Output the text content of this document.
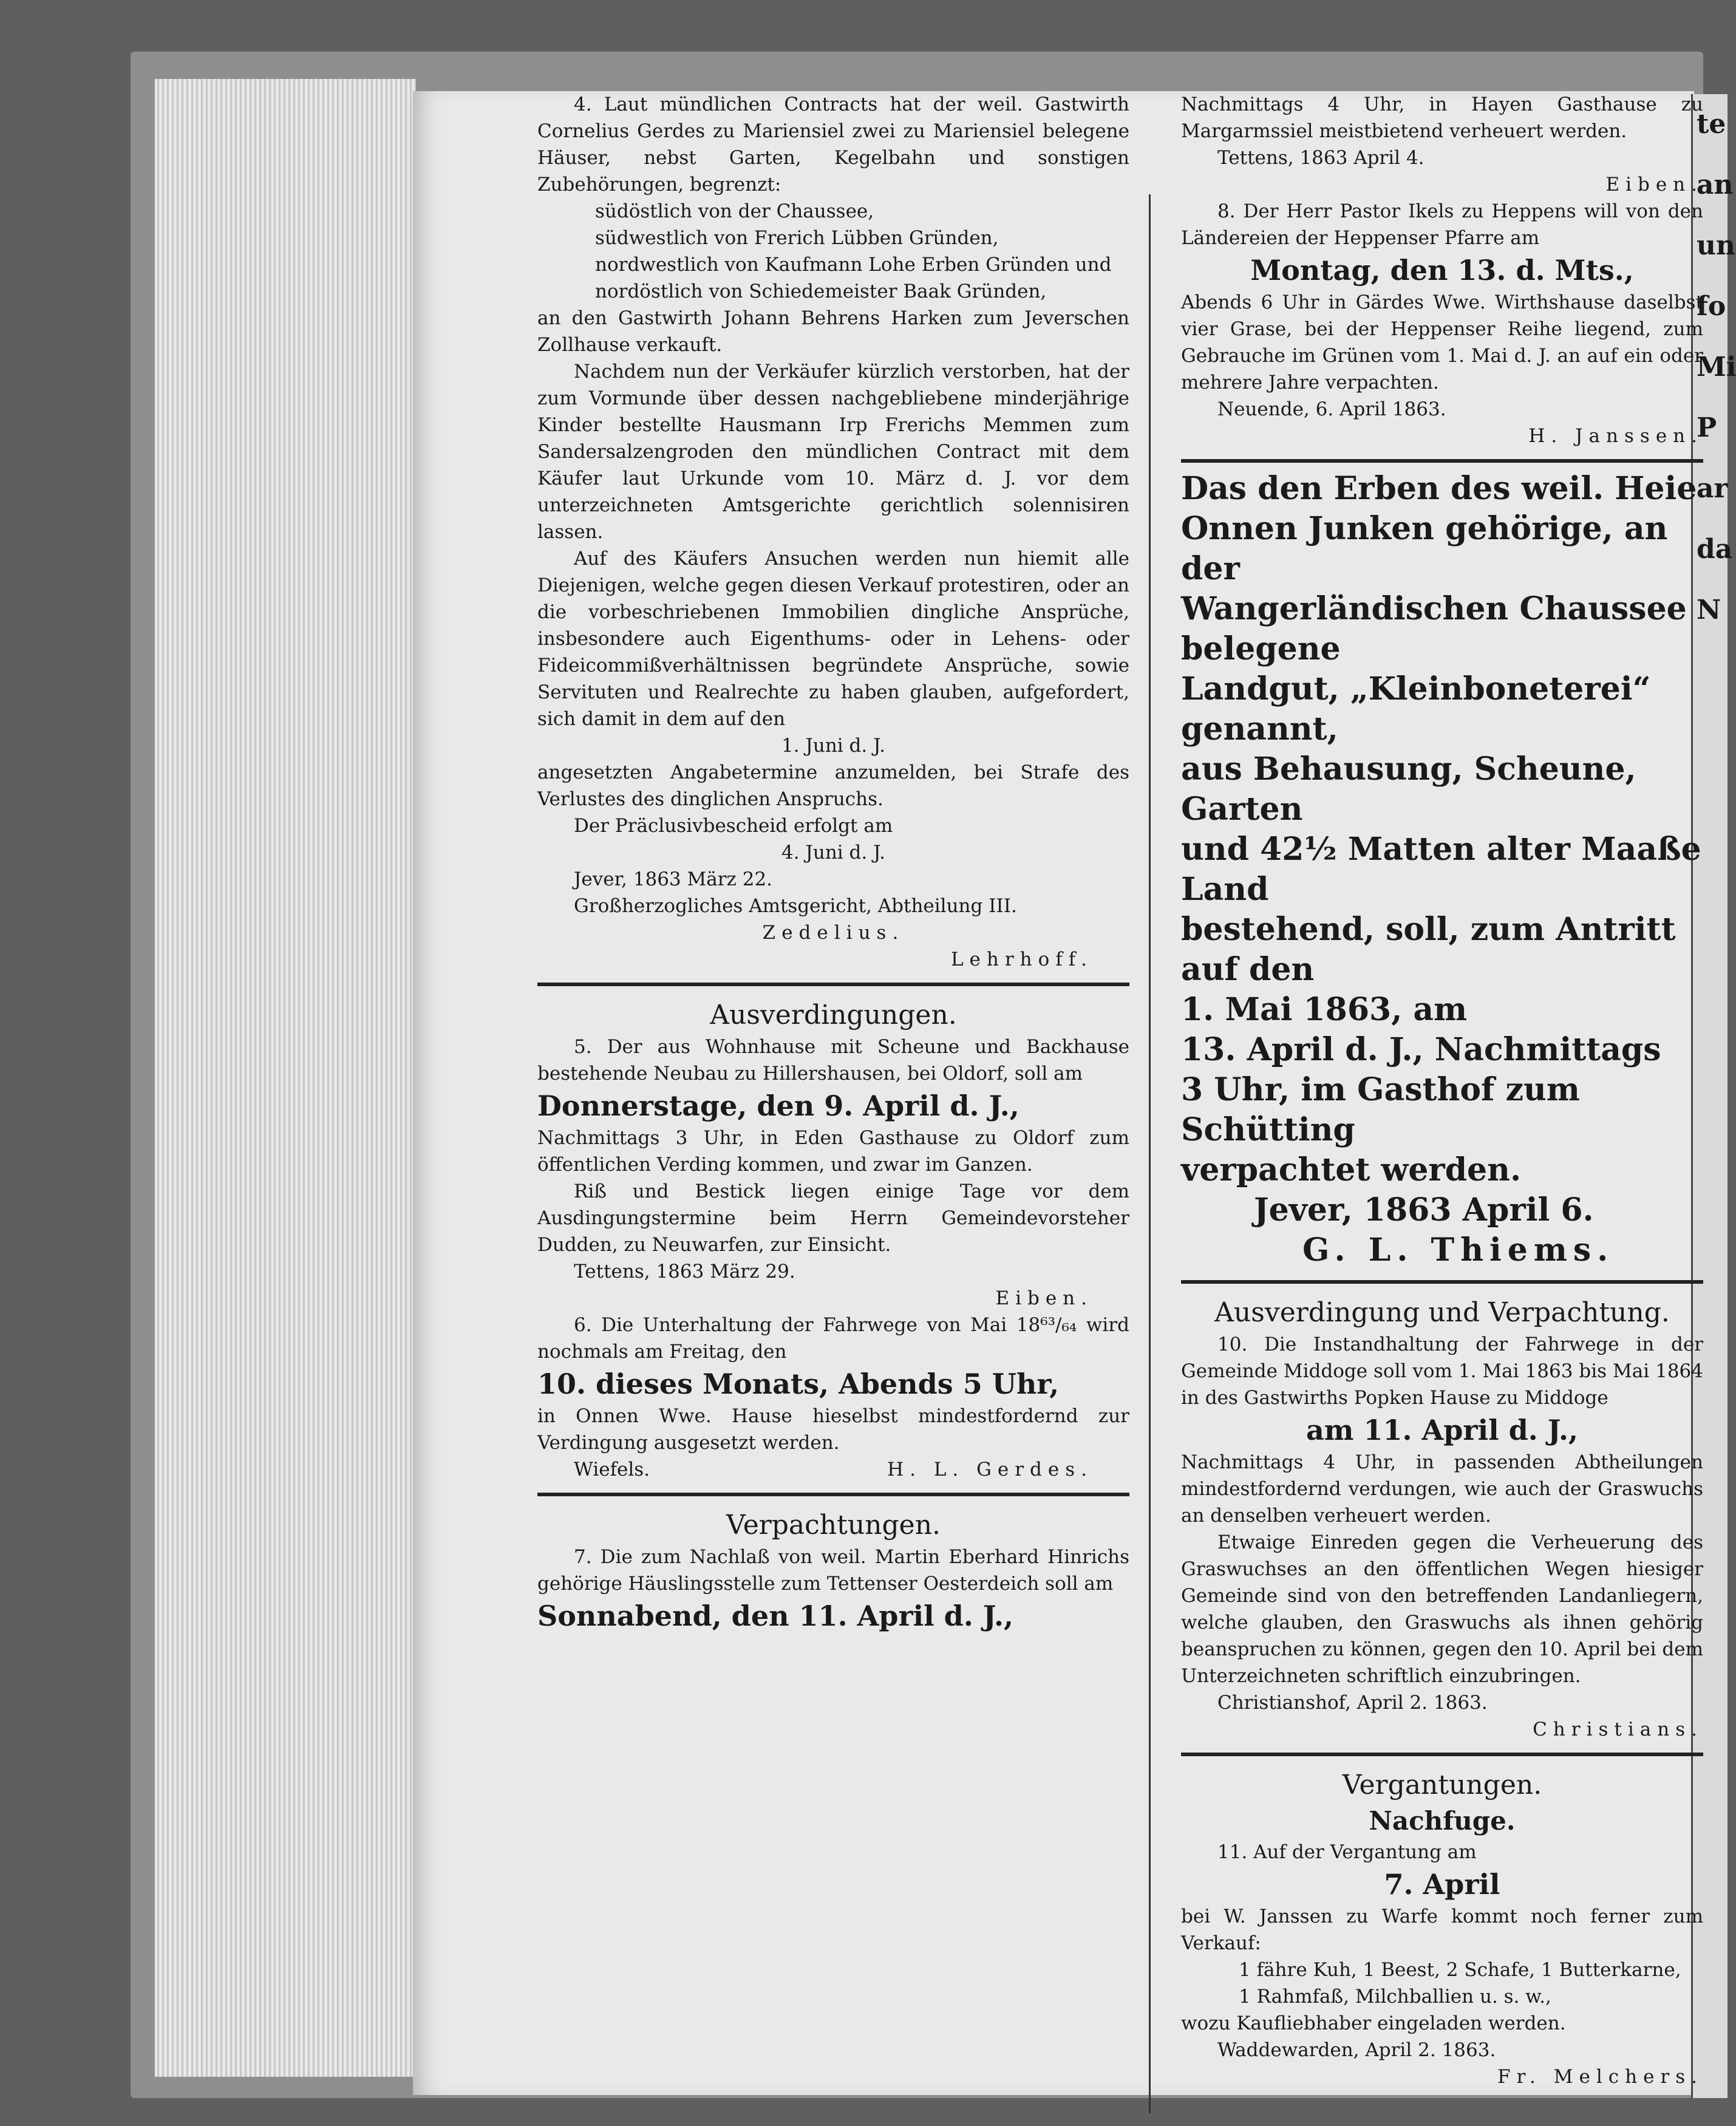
te
an
un
fo
Mi
P
ar
da
N

4. Laut mündlichen Contracts hat der weil. Gastwirth Cornelius Gerdes zu Mariensiel zwei zu Mariensiel belegene Häuser, nebst Garten, Kegelbahn und sonstigen Zubehörungen, begrenzt:

südöstlich von der Chaussee,

südwestlich von Frerich Lübben Gründen,

nordwestlich von Kaufmann Lohe Erben Gründen und

nordöstlich von Schiedemeister Baak Gründen,

an den Gastwirth Johann Behrens Harken zum Jeverschen Zollhause verkauft.

Nachdem nun der Verkäufer kürzlich verstorben, hat der zum Vormunde über dessen nachgebliebene minderjährige Kinder bestellte Hausmann Irp Frerichs Memmen zum Sandersalzengroden den mündlichen Contract mit dem Käufer laut Urkunde vom 10. März d. J. vor dem unterzeichneten Amtsgerichte gerichtlich solennisiren lassen.

Auf des Käufers Ansuchen werden nun hiemit alle Diejenigen, welche gegen diesen Verkauf protestiren, oder an die vorbeschriebenen Immobilien dingliche Ansprüche, insbesondere auch Eigenthums- oder in Lehens- oder Fideicommißverhältnissen begründete Ansprüche, sowie Servituten und Realrechte zu haben glauben, aufgefordert, sich damit in dem auf den

1. Juni d. J.

angesetzten Angabetermine anzumelden, bei Strafe des Verlustes des dinglichen Anspruchs.

Der Präclusivbescheid erfolgt am

4. Juni d. J.

Jever, 1863 März 22.

Großherzogliches Amtsgericht, Abtheilung III.

Zedelius.

Lehrhoff.

Ausverdingungen.

5. Der aus Wohnhause mit Scheune und Backhause bestehende Neubau zu Hillershausen, bei Oldorf, soll am

Donnerstage, den 9. April d. J.,

Nachmittags 3 Uhr, in Eden Gasthause zu Oldorf zum öffentlichen Verding kommen, und zwar im Ganzen.

Riß und Bestick liegen einige Tage vor dem Ausdingungstermine beim Herrn Gemeindevorsteher Dudden, zu Neuwarfen, zur Einsicht.

Tettens, 1863 März 29.

Eiben.

6. Die Unterhaltung der Fahrwege von Mai 18⁶³/₆₄ wird nochmals am Freitag, den

10. dieses Monats, Abends 5 Uhr,

in Onnen Wwe. Hause hieselbst mindestfordernd zur Verdingung ausgesetzt werden.

Wiefels.	H. L. Gerdes.

Verpachtungen.

7. Die zum Nachlaß von weil. Martin Eberhard Hinrichs gehörige Häuslingsstelle zum Tettenser Oesterdeich soll am

Sonnabend, den 11. April d. J.,

Nachmittags 4 Uhr, in Hayen Gasthause zu Margarmssiel meistbietend verheuert werden.

Tettens, 1863 April 4.

Eiben.

8. Der Herr Pastor Ikels zu Heppens will von den Ländereien der Heppenser Pfarre am

Montag, den 13. d. Mts.,

Abends 6 Uhr in Gärdes Wwe. Wirthshause daselbst vier Grase, bei der Heppenser Reihe liegend, zum Gebrauche im Grünen vom 1. Mai d. J. an auf ein oder mehrere Jahre verpachten.

Neuende, 6. April 1863.

H. Janssen.

Das den Erben des weil. Heie

Onnen Junken gehörige, an der

Wangerländischen Chaussee belegene

Landgut, „Kleinboneterei“ genannt,

aus Behausung, Scheune, Garten

und 42½ Matten alter Maaße Land

bestehend, soll, zum Antritt auf den

1. Mai 1863, am

13. April d. J., Nachmittags

3 Uhr, im Gasthof zum Schütting

verpachtet werden.

Jever, 1863 April 6.

G. L. Thiems.

Ausverdingung und Verpachtung.

10. Die Instandhaltung der Fahrwege in der Gemeinde Middoge soll vom 1. Mai 1863 bis Mai 1864 in des Gastwirths Popken Hause zu Middoge

am 11. April d. J.,

Nachmittags 4 Uhr, in passenden Abtheilungen mindestfordernd verdungen, wie auch der Graswuchs an denselben verheuert werden.

Etwaige Einreden gegen die Verheuerung des Graswuchses an den öffentlichen Wegen hiesiger Gemeinde sind von den betreffenden Landanliegern, welche glauben, den Graswuchs als ihnen gehörig beanspruchen zu können, gegen den 10. April bei dem Unterzeichneten schriftlich einzubringen.

Christianshof, April 2. 1863.

Christians.

Vergantungen.

Nachfuge.

11. Auf der Vergantung am

7. April

bei W. Janssen zu Warfe kommt noch ferner zum Verkauf:

1 fähre Kuh, 1 Beest, 2 Schafe, 1 Butterkarne,

1 Rahmfaß, Milchballien u. s. w.,

wozu Kaufliebhaber eingeladen werden.

Waddewarden, April 2. 1863.

Fr. Melchers.
